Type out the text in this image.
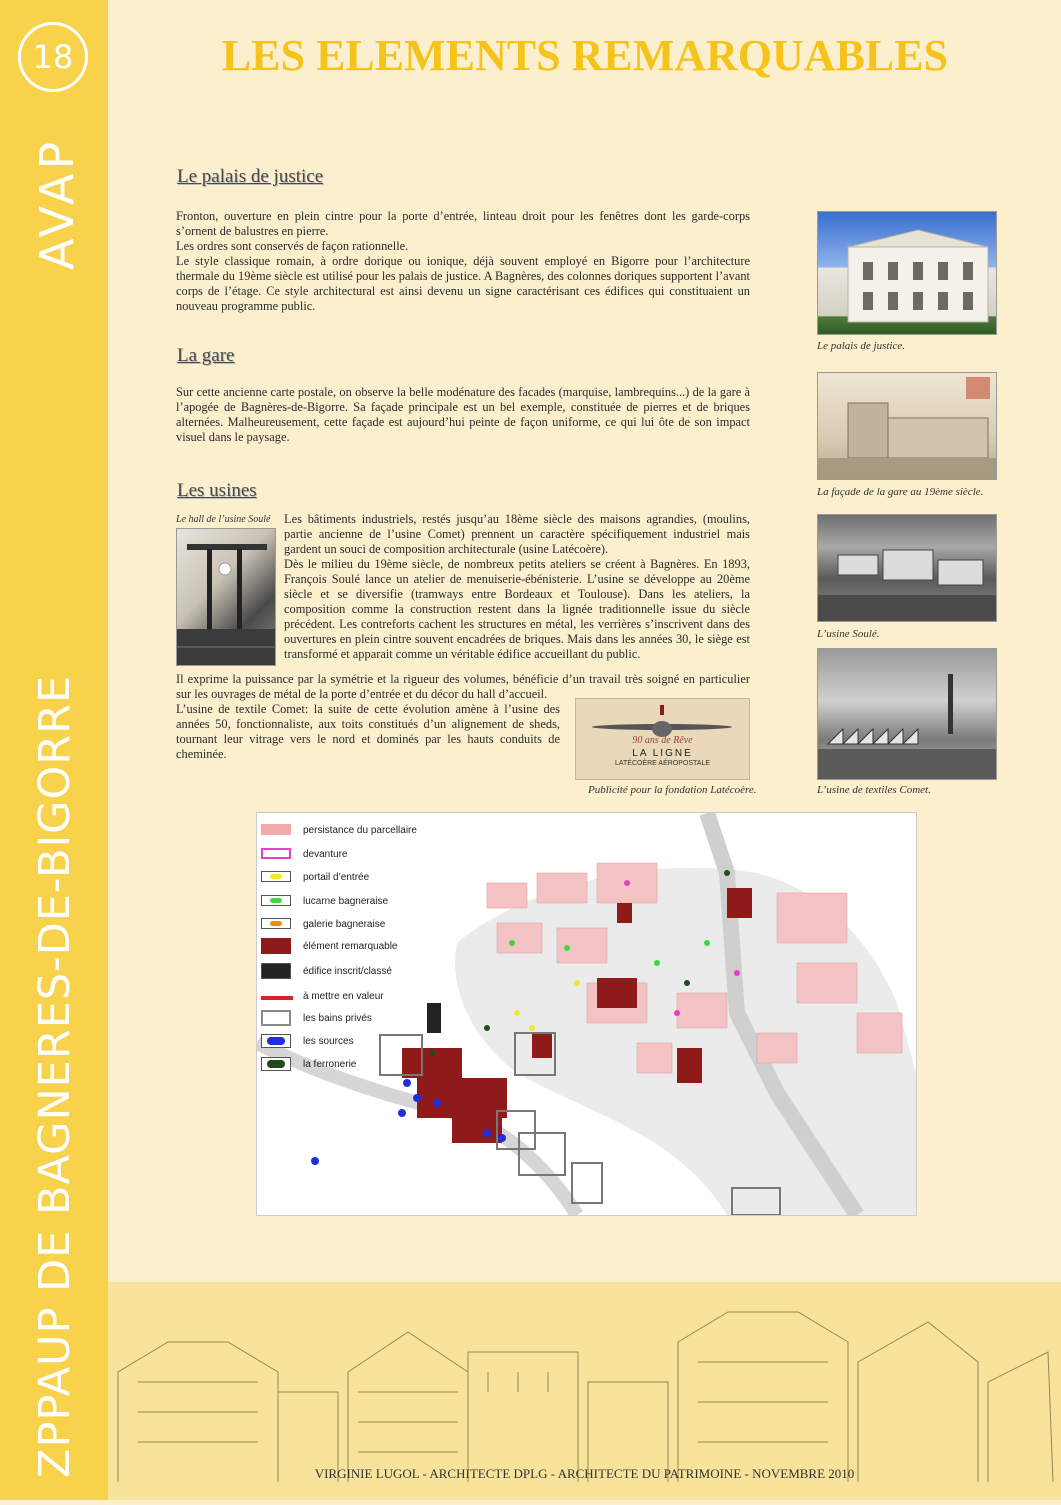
18
AVAP
ZPPAUP DE BAGNERES-DE-BIGORRE
LES ELEMENTS REMARQUABLES
Le palais de justice

Fronton, ouverture en plein cintre pour la porte d’entrée, linteau droit pour les fenêtres dont les garde-corps s’ornent de balustres en pierre.

Les ordres sont conservés de façon rationnelle.

Le style classique romain, à ordre dorique ou ionique, déjà souvent employé en Bigorre pour l’architecture thermale du 19ème siècle est utilisé pour les palais de justice. A Bagnères, des colonnes doriques supportent l’avant corps de l’étage. Ce style architectural est ainsi devenu un signe caractérisant ces édifices qui constituaient un nouveau programme public.

La gare

Sur cette ancienne carte postale, on observe la belle modénature des facades (marquise, lambrequins...) de la gare à l’apogée de Bagnères-de-Bigorre. Sa façade principale est un bel exemple, constituée de pierres et de briques alternées. Malheureusement, cette façade est aujourd’hui peinte de façon uniforme, ce qui lui ôte de son impact visuel dans le paysage.

Les usines
Le hall de l’usine Soulé Les bâtiments industriels, restés jusqu’au 18ème siècle des maisons agrandies, (moulins, partie ancienne de l’usine Comet) prennent un caractère spécifiquement industriel mais gardent un souci de composition architecturale (usine Latécoère).

Dès le milieu du 19ème siècle, de nombreux petits ateliers se créent à Bagnères. En 1893, François Soulé lance un atelier de menuiserie-ébénisterie. L’usine se développe au 20ème siècle et se diversifie (tramways entre Bordeaux et Toulouse). Dans les ateliers, la composition comme la construction restent dans la lignée traditionnelle issue du siècle précédent. Les contreforts cachent les structures en métal, les verrières s’inscrivent dans des ouvertures en plein cintre souvent encadrées de briques. Mais dans les années 30, le siège est transformé et apparait comme un véritable édifice accueillant du public.

Il exprime la puissance par la symétrie et la rigueur des volumes, bénéficie d’un travail très soigné en particulier sur les ouvrages de métal de la porte d’entrée et du décor du hall d’accueil.
L’usine de textile Comet: la suite de cette évolution amène à l’usine des années 50, fonctionnaliste, aux toits constitués d’un alignement de sheds, tournant leur vitrage vers le nord et dominés par les hauts conduits de cheminée.
90 ans de Rêve
LA LIGNE
LATÉCOÈRE AÉROPOSTALE
Publicité pour la fondation Latécoère.
Le palais de justice.
La façade de la gare au 19ème siècle.
L’usine Soulé.
L’usine de textiles Comet.
persistance du parcellaire
devanture
portail d’entrée
lucarne bagneraise
galerie bagneraise
élément remarquable
édifice inscrit/classé
à mettre en valeur
les bains privés
les sources
la ferronerie
VIRGINIE LUGOL - ARCHITECTE DPLG - ARCHITECTE DU PATRIMOINE - NOVEMBRE 2010
